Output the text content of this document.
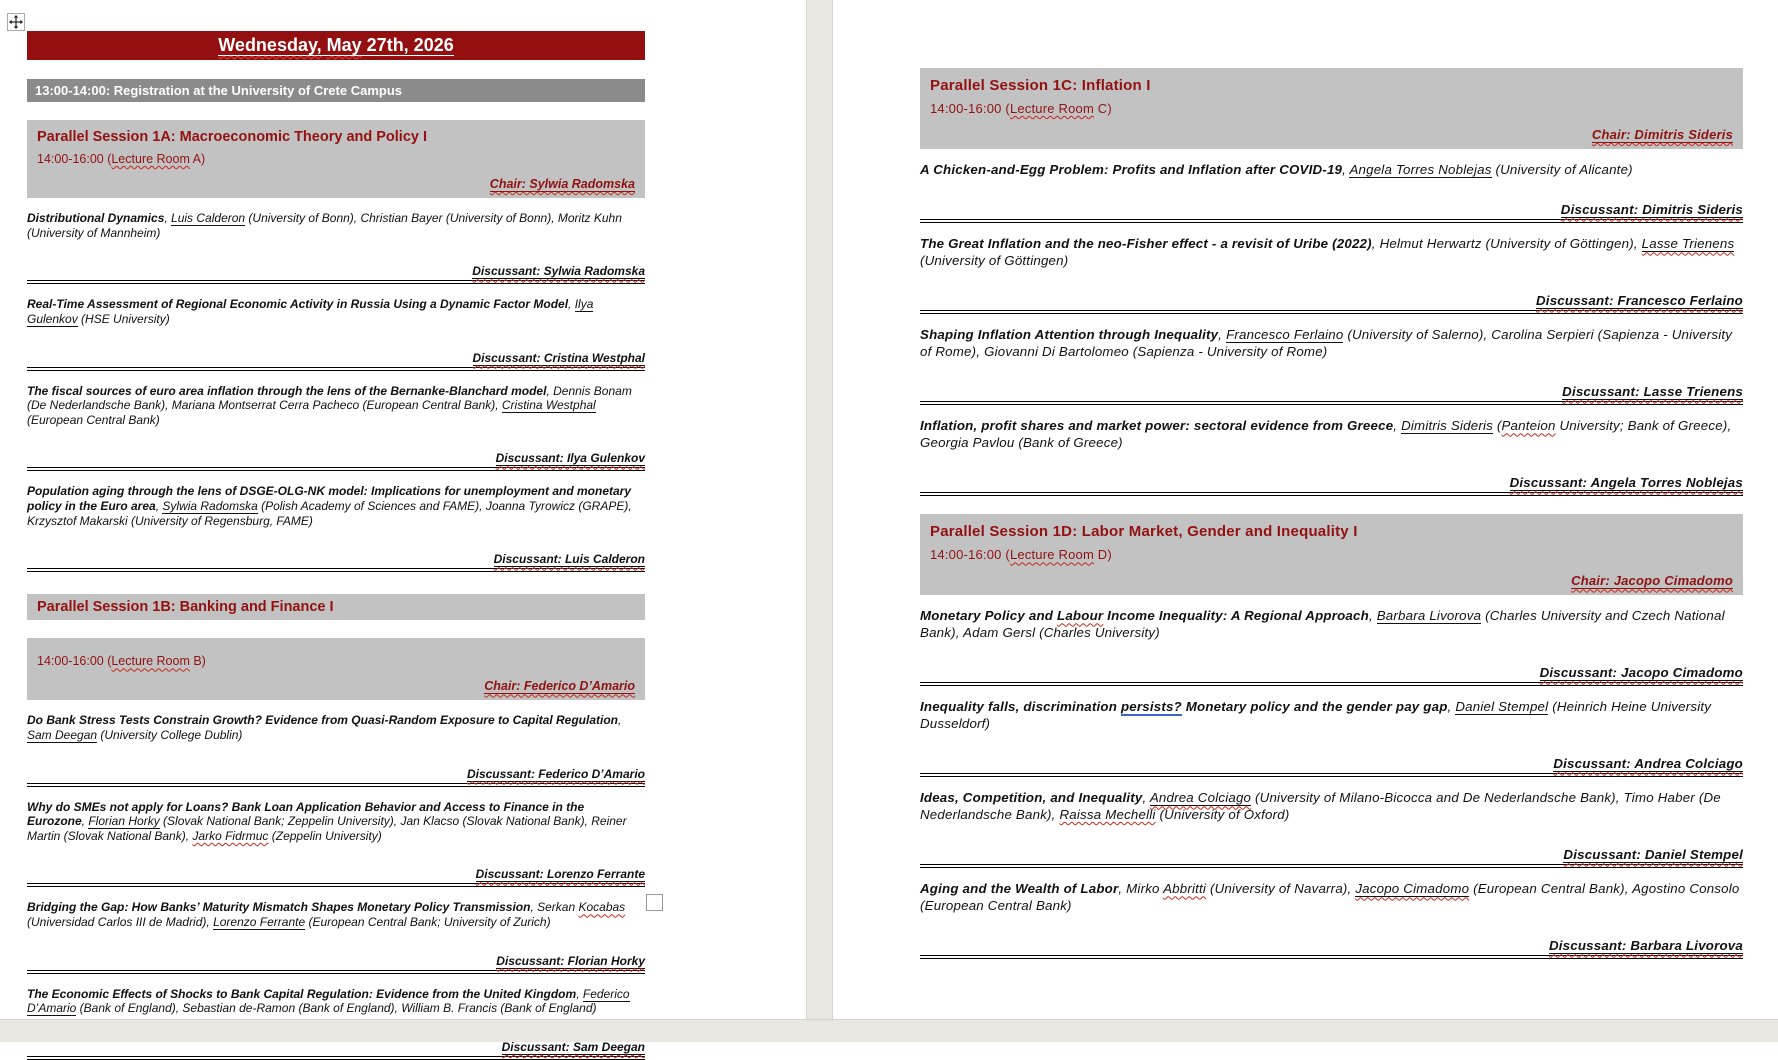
Wednesday, May 27th, 2026
13:00-14:00: Registration at the University of Crete Campus
Parallel Session 1A: Macroeconomic Theory and Policy I
14:00-16:00 (Lecture Room A)
Chair: Sylwia Radomska
Distributional Dynamics, Luis Calderon (University of Bonn), Christian Bayer (University of Bonn), Moritz Kuhn (University of Mannheim)
Discussant: Sylwia Radomska
Real-Time Assessment of Regional Economic Activity in Russia Using a Dynamic Factor Model, Ilya Gulenkov (HSE University)
Discussant: Cristina Westphal
The fiscal sources of euro area inflation through the lens of the Bernanke-Blanchard model, Dennis Bonam (De Nederlandsche Bank), Mariana Montserrat Cerra Pacheco (European Central Bank), Cristina Westphal (European Central Bank)
Discussant: Ilya Gulenkov
Population aging through the lens of DSGE-OLG-NK model: Implications for unemployment and monetary policy in the Euro area, Sylwia Radomska (Polish Academy of Sciences and FAME), Joanna Tyrowicz (GRAPE), Krzysztof Makarski (University of Regensburg, FAME)
Discussant: Luis Calderon
Parallel Session 1B: Banking and Finance I
14:00-16:00 (Lecture Room B)
Chair: Federico D’Amario
Do Bank Stress Tests Constrain Growth? Evidence from Quasi-Random Exposure to Capital Regulation, Sam Deegan (University College Dublin)
Discussant: Federico D’Amario
Why do SMEs not apply for Loans? Bank Loan Application Behavior and Access to Finance in the Eurozone, Florian Horky (Slovak National Bank; Zeppelin University), Jan Klacso (Slovak National Bank), Reiner Martin (Slovak National Bank), Jarko Fidrmuc (Zeppelin University)
Discussant: Lorenzo Ferrante
Bridging the Gap: How Banks’ Maturity Mismatch Shapes Monetary Policy Transmission, Serkan Kocabas (Universidad Carlos III de Madrid), Lorenzo Ferrante (European Central Bank; University of Zurich)
Discussant: Florian Horky
The Economic Effects of Shocks to Bank Capital Regulation: Evidence from the United Kingdom, Federico D’Amario (Bank of England), Sebastian de-Ramon (Bank of England), William B. Francis (Bank of England)
Discussant: Sam Deegan
Parallel Session 1C: Inflation I
14:00-16:00 (Lecture Room C)
Chair: Dimitris Sideris
A Chicken-and-Egg Problem: Profits and Inflation after COVID-19, Angela Torres Noblejas (University of Alicante)
Discussant: Dimitris Sideris
The Great Inflation and the neo-Fisher effect - a revisit of Uribe (2022), Helmut Herwartz (University of Göttingen), Lasse Trienens (University of Göttingen)
Discussant: Francesco Ferlaino
Shaping Inflation Attention through Inequality, Francesco Ferlaino (University of Salerno), Carolina Serpieri (Sapienza - University of Rome), Giovanni Di Bartolomeo (Sapienza - University of Rome)
Discussant: Lasse Trienens
Inflation, profit shares and market power: sectoral evidence from Greece, Dimitris Sideris (Panteion University; Bank of Greece), Georgia Pavlou (Bank of Greece)
Discussant: Angela Torres Noblejas
Parallel Session 1D: Labor Market, Gender and Inequality I
14:00-16:00 (Lecture Room D)
Chair: Jacopo Cimadomo
Monetary Policy and Labour Income Inequality: A Regional Approach, Barbara Livorova (Charles University and Czech National Bank), Adam Gersl (Charles University)
Discussant: Jacopo Cimadomo
Inequality falls, discrimination persists? Monetary policy and the gender pay gap, Daniel Stempel (Heinrich Heine University Dusseldorf)
Discussant: Andrea Colciago
Ideas, Competition, and Inequality, Andrea Colciago (University of Milano-Bicocca and De Nederlandsche Bank), Timo Haber (De Nederlandsche Bank), Raissa Mechelli (University of Oxford)
Discussant: Daniel Stempel
Aging and the Wealth of Labor, Mirko Abbritti (University of Navarra), Jacopo Cimadomo (European Central Bank), Agostino Consolo (European Central Bank)
Discussant: Barbara Livorova
